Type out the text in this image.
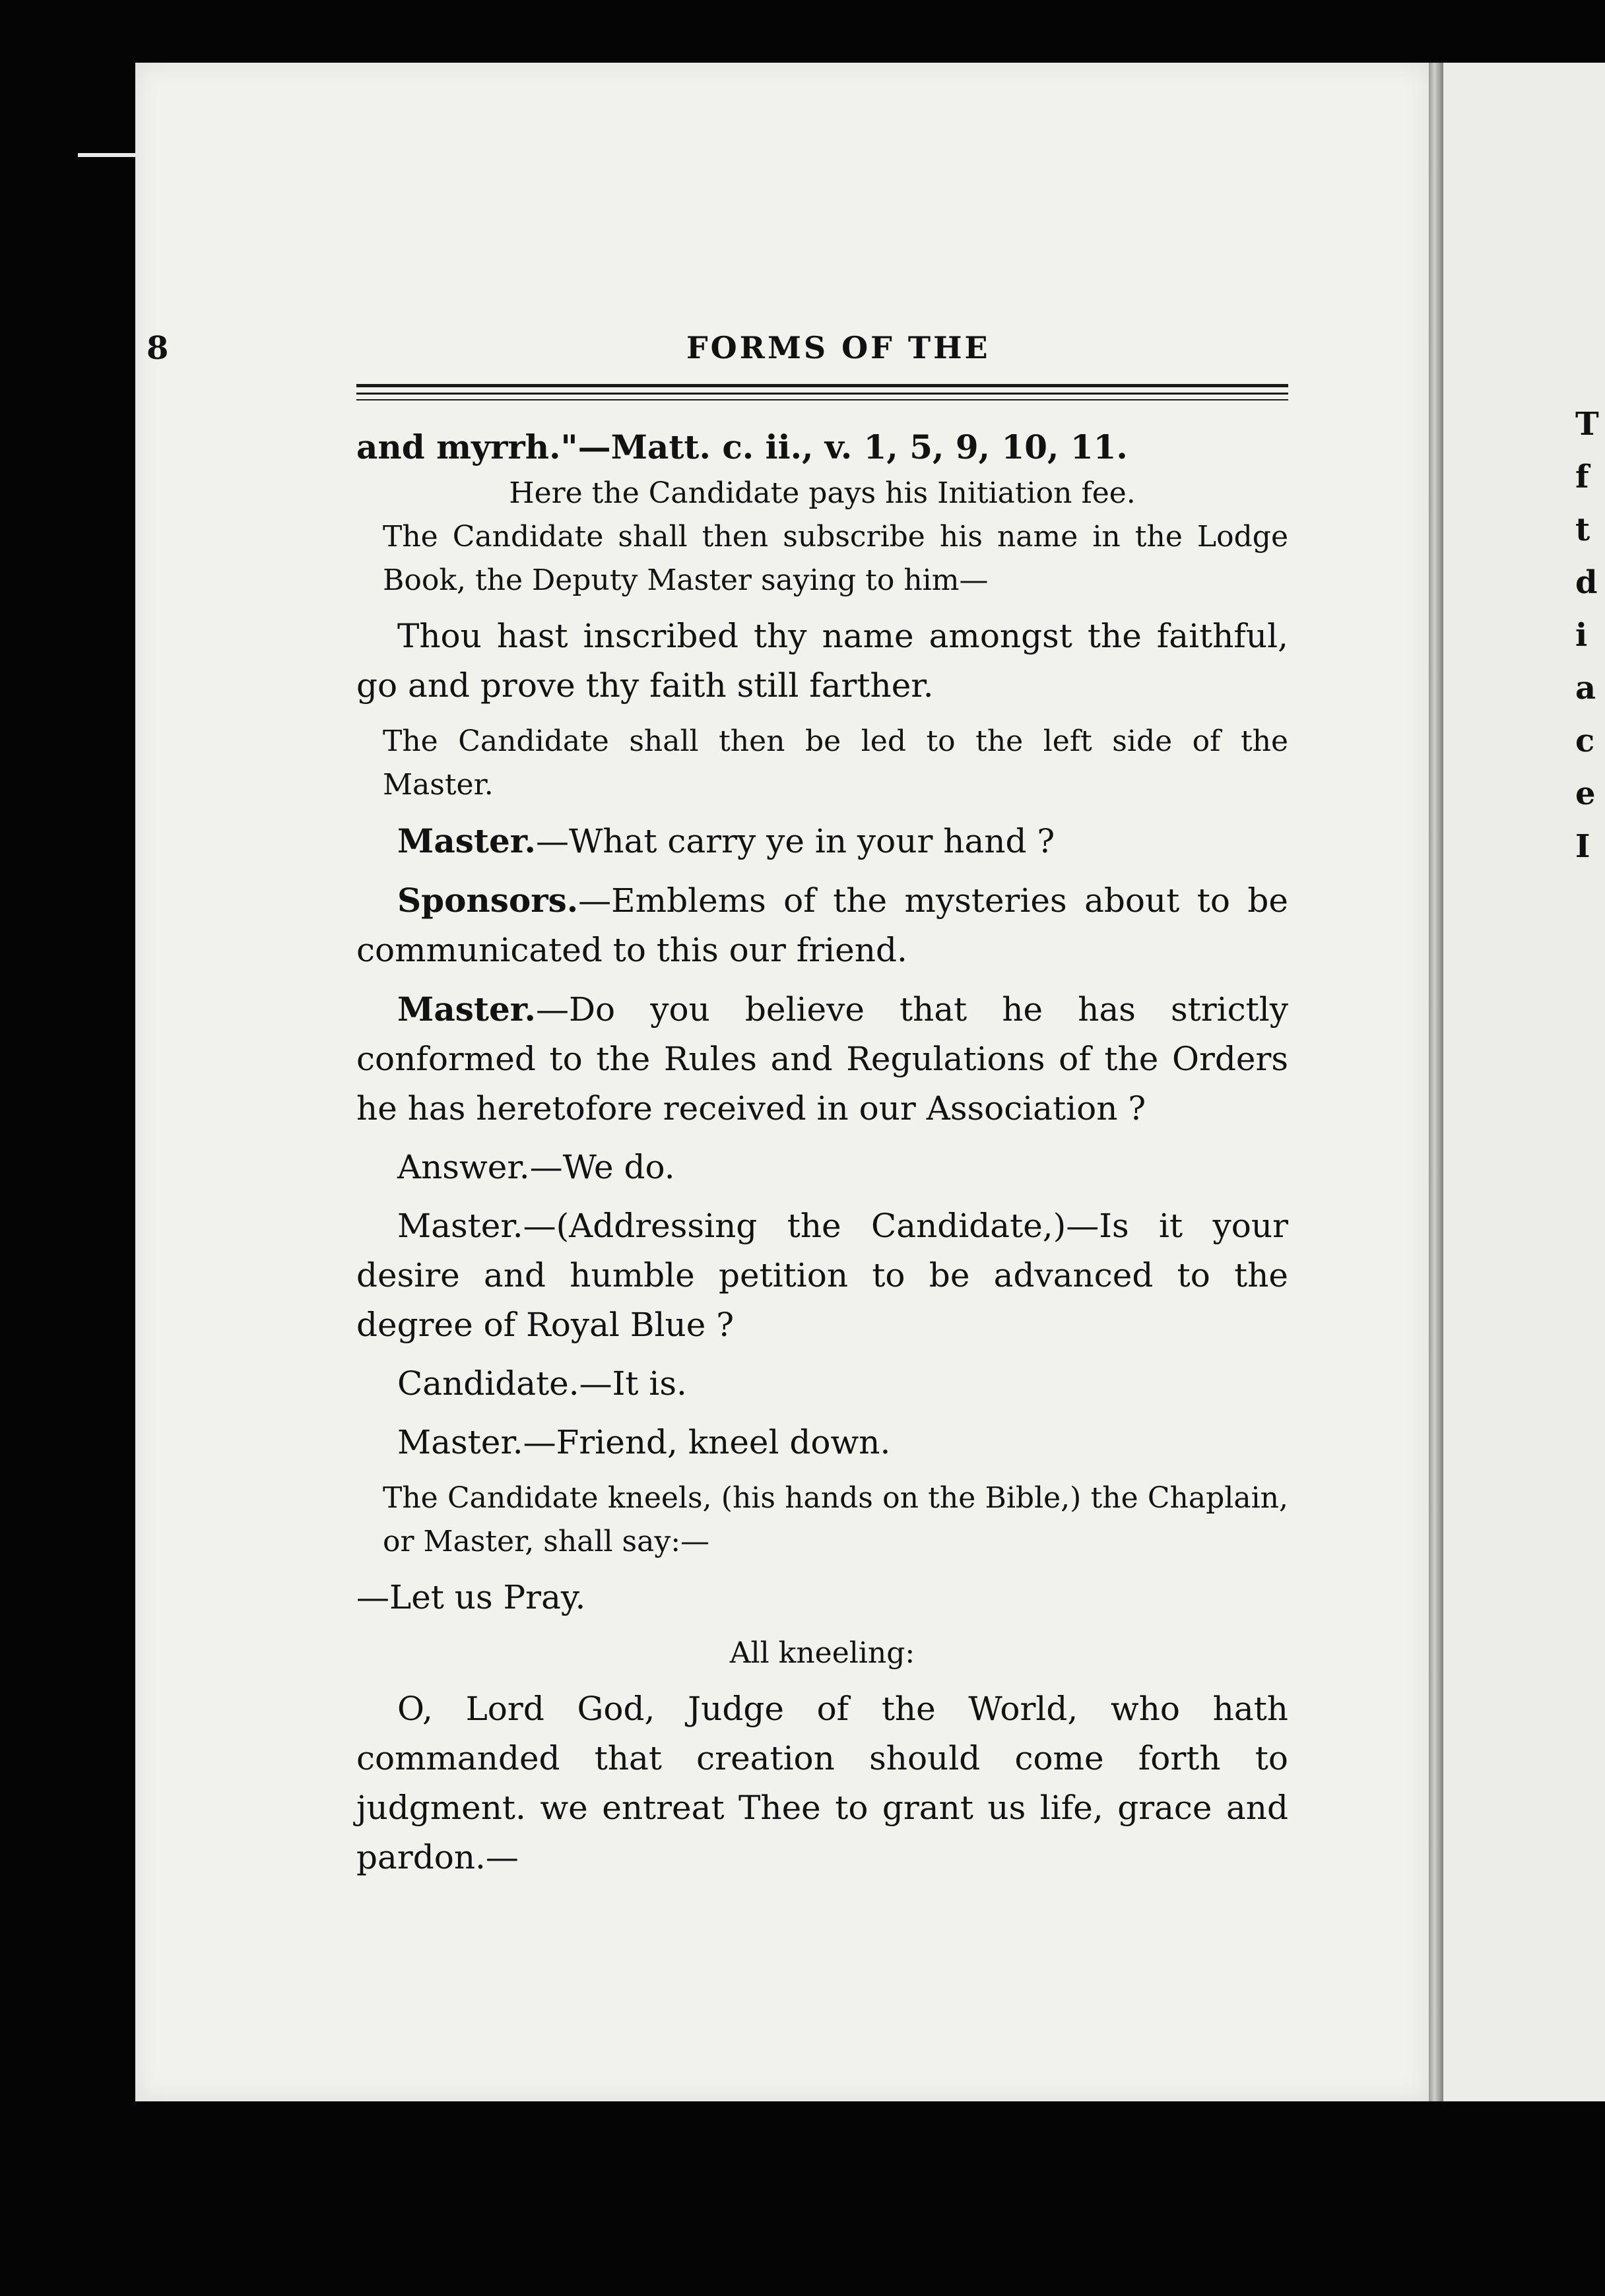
T
f
t
d
i
a
c
e
I
8	FORMS OF THE

and myrrh."—Matt. c. ii., v. 1, 5, 9, 10, 11.

Here the Candidate pays his Initiation fee.

The Candidate shall then subscribe his name in the Lodge Book, the Deputy Master saying to him—

Thou hast inscribed thy name amongst the faithful, go and prove thy faith still farther.

The Candidate shall then be led to the left side of the Master.

Master.—What carry ye in your hand ?

Sponsors.—Emblems of the mysteries about to be communicated to this our friend.

Master.—Do you believe that he has strictly conformed to the Rules and Regulations of the Orders he has heretofore received in our Association ?

Answer.—We do.

Master.—(Addressing the Candidate,)—Is it your desire and humble petition to be advanced to the degree of Royal Blue ?

Candidate.—It is.

Master.—Friend, kneel down.

The Candidate kneels, (his hands on the Bible,) the Chaplain, or Master, shall say:—

—Let us Pray.

All kneeling:

O, Lord God, Judge of the World, who hath commanded that creation should come forth to judgment. we entreat Thee to grant us life, grace and pardon.—
